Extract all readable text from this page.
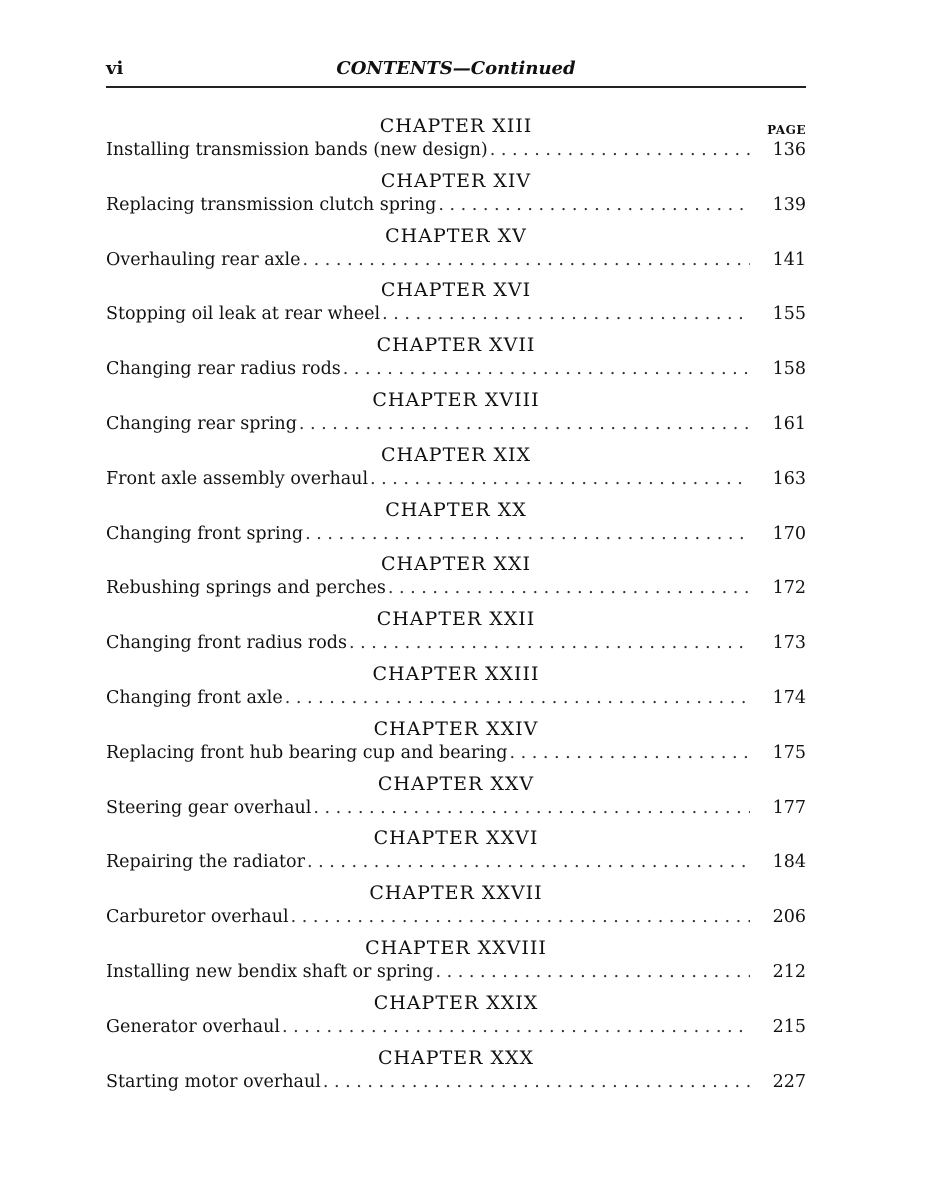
vi	CONTENTS—Continued
PAGE
CHAPTER XIII
Installing transmission bands (new design) . . .	136
CHAPTER XIV
Replacing transmission clutch spring . . .	139
CHAPTER XV
Overhauling rear axle . . .	141
CHAPTER XVI
Stopping oil leak at rear wheel . . .	155
CHAPTER XVII
Changing rear radius rods . . .	158
CHAPTER XVIII
Changing rear spring . . .	161
CHAPTER XIX
Front axle assembly overhaul . . .	163
CHAPTER XX
Changing front spring . . .	170
CHAPTER XXI
Rebushing springs and perches . . .	172
CHAPTER XXII
Changing front radius rods . . .	173
CHAPTER XXIII
Changing front axle . . .	174
CHAPTER XXIV
Replacing front hub bearing cup and bearing . . .	175
CHAPTER XXV
Steering gear overhaul . . .	177
CHAPTER XXVI
Repairing the radiator . . .	184
CHAPTER XXVII
Carburetor overhaul . . .	206
CHAPTER XXVIII
Installing new bendix shaft or spring . . .	212
CHAPTER XXIX
Generator overhaul . . .	215
CHAPTER XXX
Starting motor overhaul . . .	227
